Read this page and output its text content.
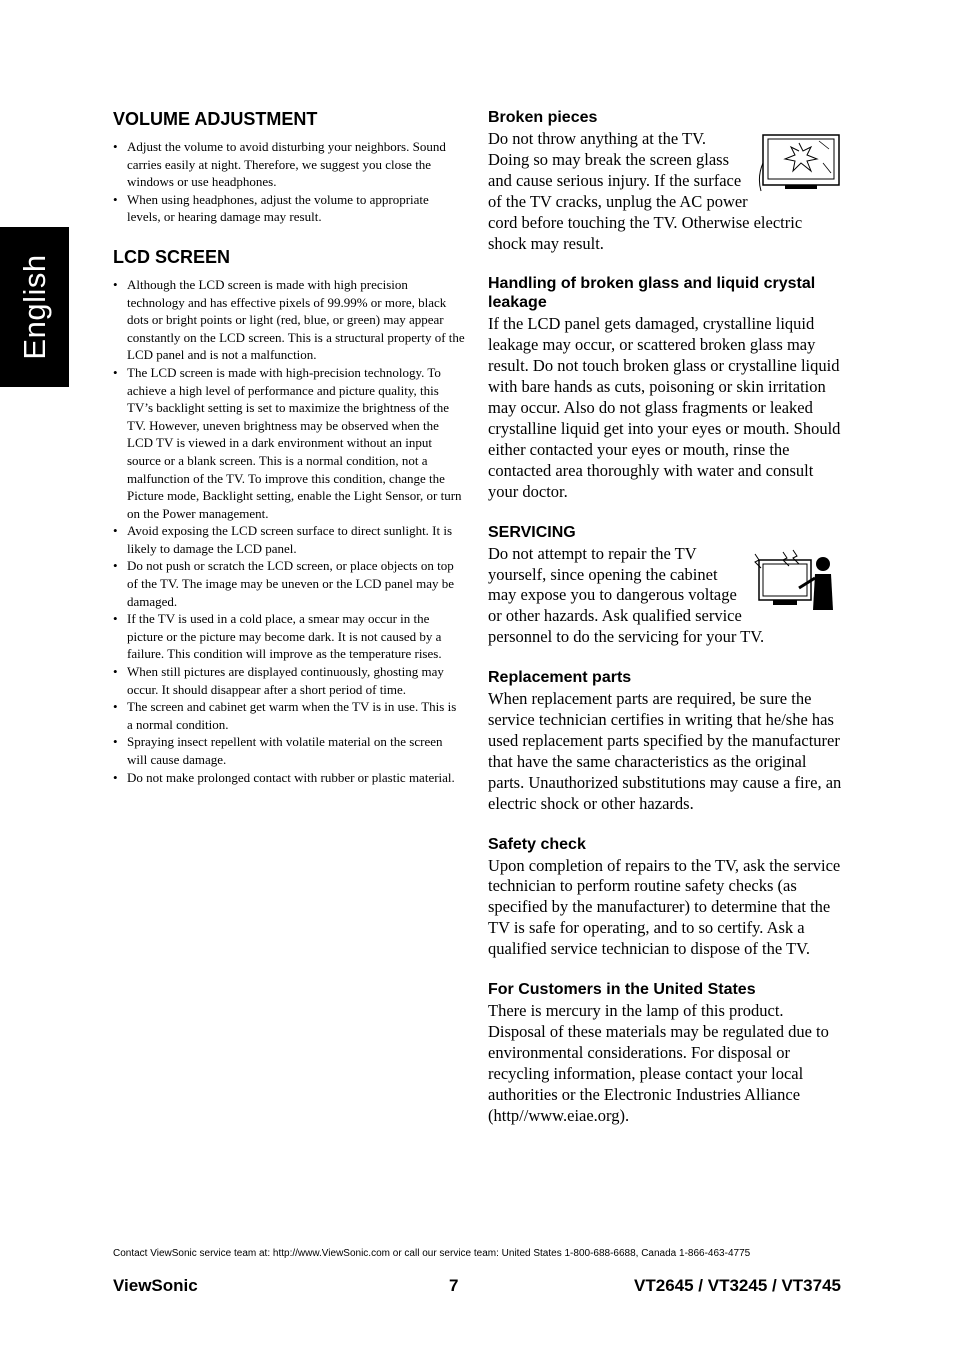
English
VOLUME ADJUSTMENT
• Adjust the volume to avoid disturbing your neighbors. Sound carries easily at night. Therefore, we suggest you close the windows or use headphones.
• When using headphones, adjust the volume to appropriate levels, or hearing damage may result.
LCD SCREEN
• Although the LCD screen is made with high precision technology and has effective pixels of 99.99% or more, black dots or bright points or light (red, blue, or green) may appear constantly on the LCD screen. This is a structural property of the LCD panel and is not a malfunction.
• The LCD screen is made with high-precision technology. To achieve a high level of performance and picture quality, this TV’s backlight setting is set to maximize the brightness of the TV. However, uneven brightness may be observed when the LCD TV is viewed in a dark environment without an input source or a blank screen. This is a normal condition, not a malfunction of the TV. To improve this condition, change the Picture mode, Backlight setting, enable the Light Sensor, or turn on the Power management.
• Avoid exposing the LCD screen surface to direct sunlight. It is likely to damage the LCD panel.
• Do not push or scratch the LCD screen, or place objects on top of the TV. The image may be uneven or the LCD panel may be damaged.
• If the TV is used in a cold place, a smear may occur in the picture or the picture may become dark. It is not caused by a failure. This condition will improve as the temperature rises.
• When still pictures are displayed continuously, ghosting may occur. It should disappear after a short period of time.
• The screen and cabinet get warm when the TV is in use. This is a normal condition.
• Spraying insect repellent with volatile material on the screen will cause damage.
• Do not make prolonged contact with rubber or plastic material.
Broken pieces

Do not throw anything at the TV. Doing so may break the screen glass and cause serious injury. If the surface of the TV cracks, unplug the AC power cord before touching the TV. Otherwise electric shock may result.

Handling of broken glass and liquid crystal leakage

If the LCD panel gets damaged, crystalline liquid leakage may occur, or scattered broken glass may result. Do not touch broken glass or crystalline liquid with bare hands as cuts, poisoning or skin irritation may occur. Also do not glass fragments or leaked crystalline liquid get into your eyes or mouth. Should either contacted your eyes or mouth, rinse the contacted area thoroughly with water and consult your doctor.

SERVICING

Do not attempt to repair the TV yourself, since opening the cabinet may expose you to dangerous voltage or other hazards. Ask qualified service personnel to do the servicing for your TV.

Replacement parts

When replacement parts are required, be sure the service technician certifies in writing that he/she has used replacement parts specified by the manufacturer that have the same characteristics as the original parts. Unauthorized substitutions may cause a fire, an electric shock or other hazards.

Safety check

Upon completion of repairs to the TV, ask the service technician to perform routine safety checks (as specified by the manufacturer) to determine that the TV is safe for operating, and to so certify. Ask a qualified service technician to dispose of the TV.

For Customers in the United States

There is mercury in the lamp of this product. Disposal of these materials may be regulated due to environmental considerations. For disposal or recycling information, please contact your local authorities or the Electronic Industries Alliance (http//www.eiae.org).

Contact ViewSonic service team at: http://www.ViewSonic.com or call our service team: United States 1-800-688-6688, Canada 1-866-463-4775
ViewSonic	7	VT2645 / VT3245 / VT3745
